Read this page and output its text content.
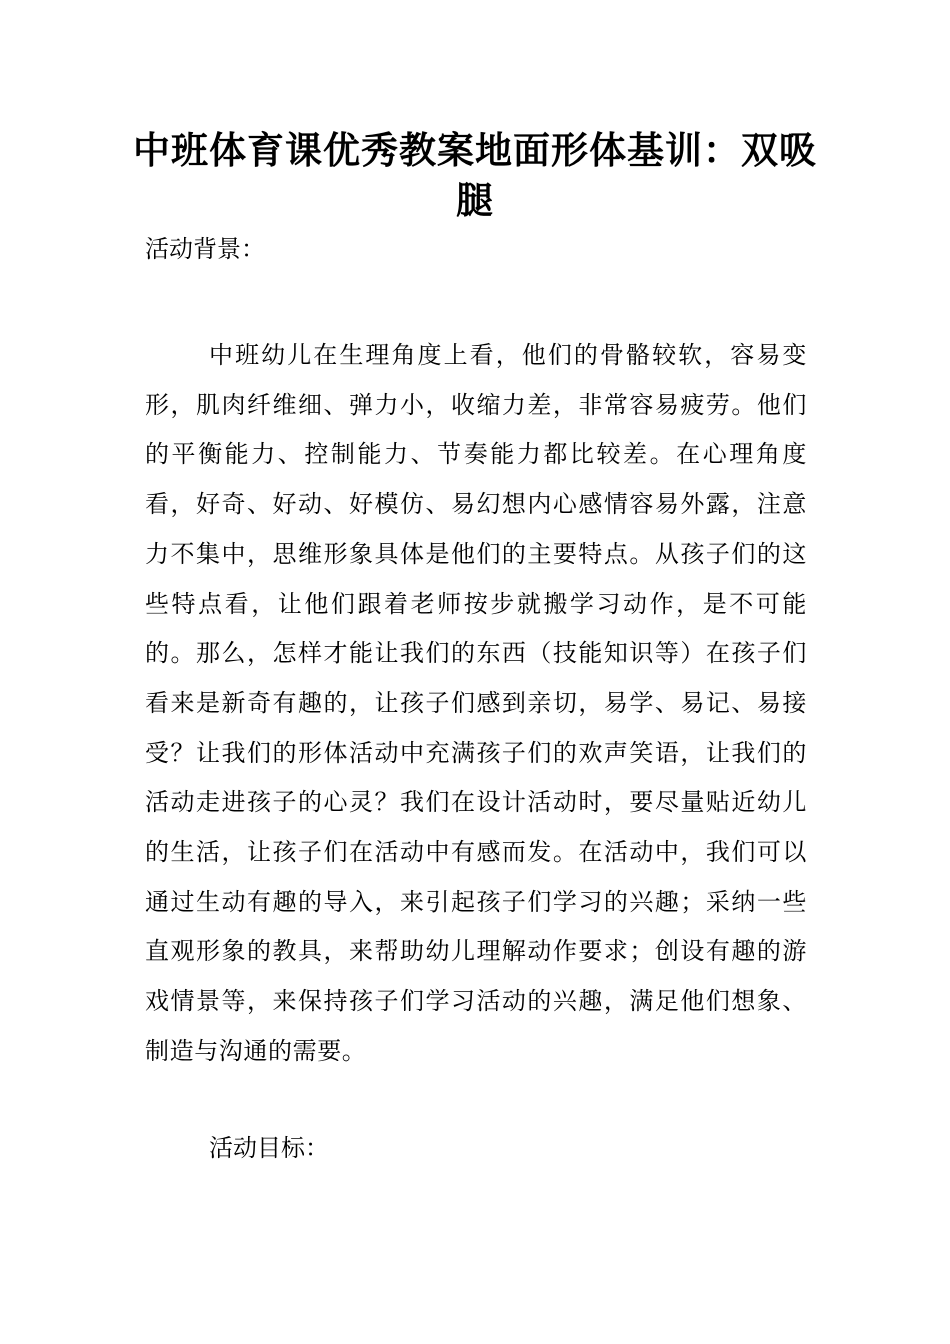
中班体育课优秀教案地面形体基训：双吸腿

活动背景：

中班幼儿在生理角度上看，他们的骨骼较软，容易变形，肌肉纤维细、弹力小，收缩力差，非常容易疲劳。他们的平衡能力、控制能力、节奏能力都比较差。在心理角度看，好奇、好动、好模仿、易幻想内心感情容易外露，注意力不集中，思维形象具体是他们的主要特点。从孩子们的这些特点看，让他们跟着老师按步就搬学习动作，是不可能的。那么，怎样才能让我们的东西（技能知识等）在孩子们看来是新奇有趣的，让孩子们感到亲切，易学、易记、易接受？让我们的形体活动中充满孩子们的欢声笑语，让我们的活动走进孩子的心灵？我们在设计活动时，要尽量贴近幼儿的生活，让孩子们在活动中有感而发。在活动中，我们可以通过生动有趣的导入，来引起孩子们学习的兴趣；采纳一些直观形象的教具，来帮助幼儿理解动作要求；创设有趣的游戏情景等，来保持孩子们学习活动的兴趣，满足他们想象、制造与沟通的需要。

活动目标：
